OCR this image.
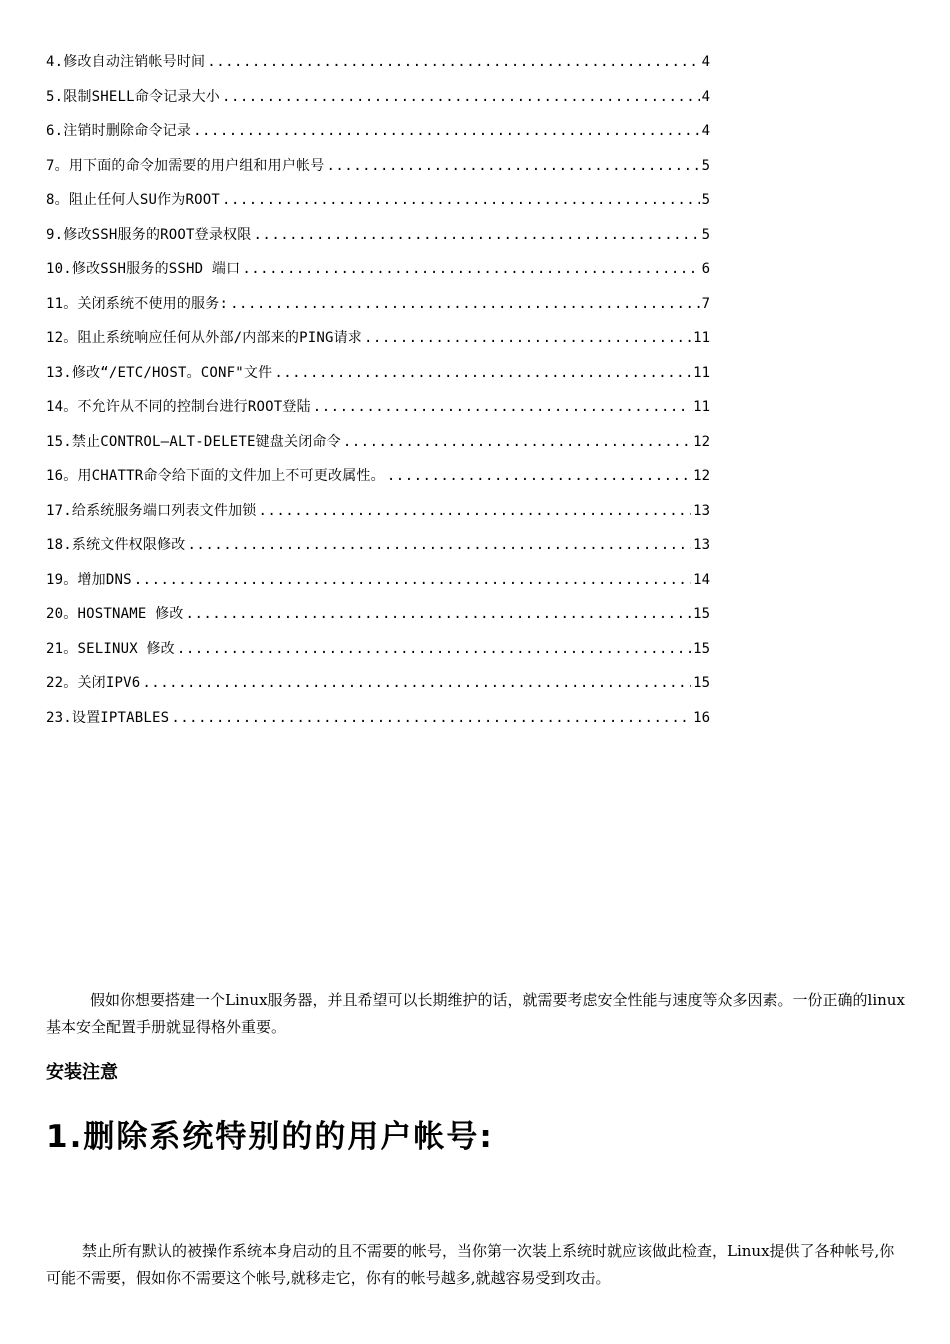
4.修改自动注销帐号时间 .....	4
5.限制SHELL命令记录大小 .....	4
6.注销时删除命令记录 .....	4
7。用下面的命令加需要的用户组和用户帐号 .....	5
8。阻止任何人SU作为ROOT .....	5
9.修改SSH服务的ROOT登录权限 .....	5
10.修改SSH服务的SSHD 端口 .....	6
11。关闭系统不使用的服务: .....	7
12。阻止系统响应任何从外部/内部来的PING请求 .....	11
13.修改“/ETC/HOST。CONF"文件 .....	11
14。不允许从不同的控制台进行ROOT登陆 .....	11
15.禁止CONTROL—ALT-DELETE键盘关闭命令 .....	12
16。用CHATTR命令给下面的文件加上不可更改属性。 .....	12
17.给系统服务端口列表文件加锁 .....	13
18.系统文件权限修改 .....	13
19。增加DNS .....	14
20。HOSTNAME 修改 .....	15
21。SELINUX 修改 .....	15
22。关闭IPV6 .....	15
23.设置IPTABLES .....	16

假如你想要搭建一个Linux服务器，并且希望可以长期维护的话，就需要考虑安全性能与速度等众多因素。一份正确的linux基本安全配置手册就显得格外重要。

安装注意

1.删除系统特别的的用户帐号:

禁止所有默认的被操作系统本身启动的且不需要的帐号，当你第一次装上系统时就应该做此检查，Linux提供了各种帐号,你可能不需要，假如你不需要这个帐号,就移走它，你有的帐号越多,就越容易受到攻击。
